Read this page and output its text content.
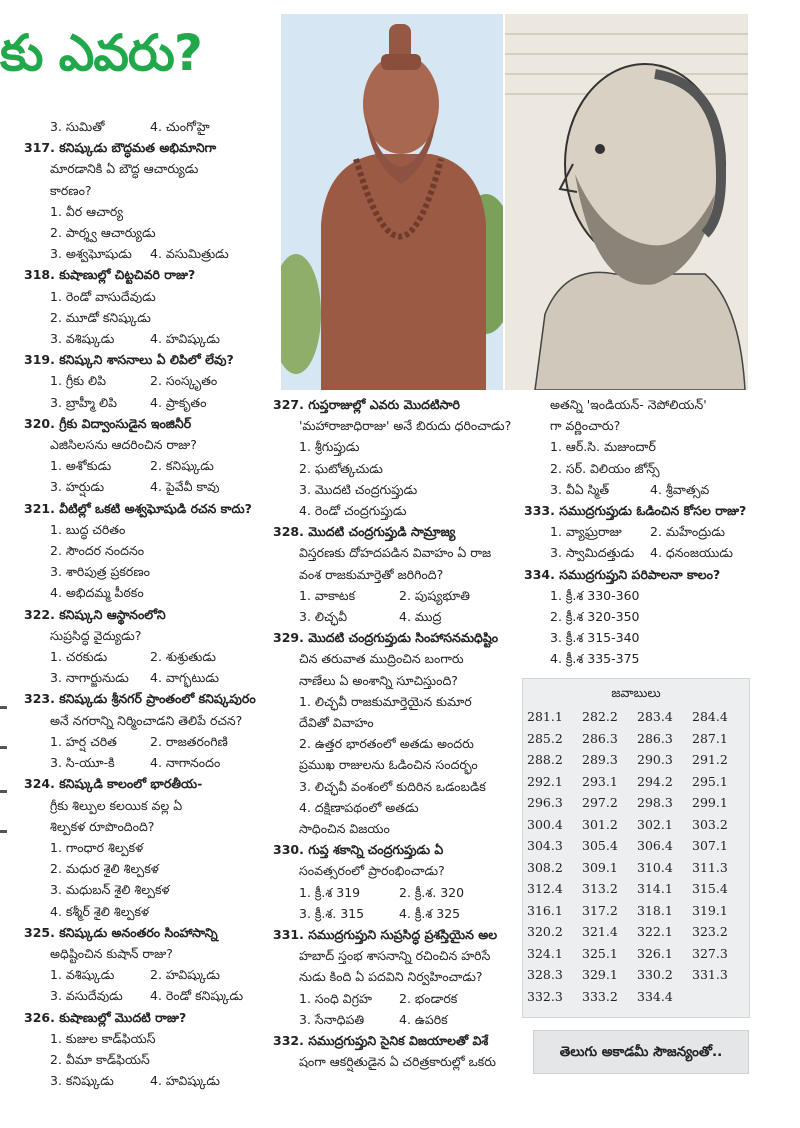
కు ఎవరు?
3. సుమితో	4. చుంగోహై
317. కనిష్కుడు బౌద్ధమత అభిమానిగా
మారడానికి ఏ బౌద్ధ ఆచార్యుడు
కారణం?
1. వీర ఆచార్య
2. పార్శ్వ ఆచార్యుడు
3. అశ్వఘోషుడు	4. వసుమిత్రుడు
318. కుషాణుల్లో చిట్టచివరి రాజు?
1. రెండో వాసుదేవుడు
2. మూడో కనిష్కుడు
3. వశిష్కుడు	4. హవిష్కుడు
319. కనిష్కుని శాసనాలు ఏ లిపిలో లేవు?
1. గ్రీకు లిపి	2. సంస్కృతం
3. బ్రాహ్మీ లిపి	4. ప్రాకృతం
320. గ్రీకు విద్వాంసుడైన ఇంజినీర్
ఎజిసిలసను ఆదరించిన రాజు?
1. అశోకుడు	2. కనిష్కుడు
3. హర్షుడు	4. పైవేవీ కావు
321. వీటిల్లో ఒకటి అశ్వఘోషుడి రచన కాదు?
1. బుద్ధ చరితం
2. సౌందర నందనం
3. శారిపుత్ర ప్రకరణం
4. అభిదమ్మ పీఠకం
322. కనిష్కుని ఆస్థానంలోని
సుప్రసిద్ధ వైద్యుడు?
1. చరకుడు	2. శుశ్రుతుడు
3. నాగార్జునుడు	4. వాగ్భటుడు
323. కనిష్కుడు శ్రీనగర్ ప్రాంతంలో కనిష్కపురం
అనే నగరాన్ని నిర్మించాడని తెలిపే రచన?
1. హర్ష చరిత	2. రాజతరంగిణి
3. సి-యూ-కి	4. నాగానందం
324. కనిష్కుడి కాలంలో భారతీయ-
గ్రీకు శిల్పుల కలయిక వల్ల ఏ
శిల్పకళ రూపొందింది?
1. గాంధార శిల్పకళ
2. మధుర శైలి శిల్పకళ
3. మధుబన్ శైలి శిల్పకళ
4. కశ్మీర్ శైలి శిల్పకళ
325. కనిష్కుడు అనంతరం సింహాసాన్ని
అధిష్టించిన కుషాన్ రాజు?
1. వశిష్కుడు	2. హవిష్కుడు
3. వసుదేవుడు	4. రెండో కనిష్కుడు
326. కుషాణుల్లో మొదటి రాజు?
1. కుజుల కాడ్‌ఫియస్
2. వీమా కాడ్‌ఫియస్
3. కనిష్కుడు	4. హవిష్కుడు
327. గుప్తరాజుల్లో ఎవరు మొదటిసారి
'మహారాజాధిరాజు' అనే బిరుదు ధరించాడు?
1. శ్రీగుప్తుడు
2. ఘటోత్కచుడు
3. మొదటి చంద్రగుప్తుడు
4. రెండో చంద్రగుప్తుడు
328. మొదటి చంద్రగుప్తుడి సామ్రాజ్య
విస్తరణకు దోహదపడిన వివాహం ఏ రాజ
వంశ రాజకుమార్తెతో జరిగింది?
1. వాకాటక	2. పుష్యభూతి
3. లిచ్ఛవీ	4. ముద్ర
329. మొదటి చంద్రగుప్తుడు సింహాసనమధిష్టిం
చిన తరువాత ముద్రించిన బంగారు
నాణేలు ఏ అంశాన్ని సూచిస్తుంది?
1. లిచ్ఛవీ రాజకుమార్తెయైన కుమార
దేవితో వివాహం
2. ఉత్తర భారతంలో అతడు అందరు
ప్రముఖ రాజులను ఓడించిన సందర్భం
3. లిచ్ఛవీ వంశంలో కుదిరిన ఒడంబడిక
4. దక్షిణాపథంలో అతడు
సాధించిన విజయం
330. గుప్త శకాన్ని చంద్రగుప్తుడు ఏ
సంవత్సరంలో ప్రారంభించాడు?
1. క్రీ.శ 319	2. క్రీ.శ. 320
3. క్రీ.శ. 315	4. క్రీ.శ 325
331. సముద్రగుప్తుని సుప్రసిద్ధ ప్రశస్తియైన అల
హబాద్ స్తంభ శాసనాన్ని రచించిన హరిసే
నుడు కింది ఏ పదవిని నిర్వహించాడు?
1. సంధి విగ్రహ	2. భండారక
3. సేనాధిపతి	4. ఉపరిక
332. సముద్రగుప్తుని సైనిక విజయాలతో విశే
షంగా ఆకర్షితుడైన ఏ చరిత్రకారుల్లో ఒకరు
అతన్ని 'ఇండియన్- నెపోలియన్'
గా వర్ణించారు?
1. ఆర్.సి. మజుందార్
2. సర్. విలియం జోన్స్
3. వీఏ స్మిత్	4. శ్రీవాత్సవ
333. సముద్రగుప్తుడు ఓడించిన కోసల రాజు?
1. వ్యాఘ్రరాజు	2. మహేంద్రుడు
3. స్వామిదత్తుడు	4. ధనంజయుడు
334. సముద్రగుప్తుని పరిపాలనా కాలం?
1. క్రీ.శ 330-360
2. క్రీ.శ 320-350
3. క్రీ.శ 315-340
4. క్రీ.శ 335-375
జవాబులు
281.1	282.2	283.4	284.4
285.2	286.3	286.3	287.1
288.2	289.3	290.3	291.2
292.1	293.1	294.2	295.1
296.3	297.2	298.3	299.1
300.4	301.2	302.1	303.2
304.3	305.4	306.4	307.1
308.2	309.1	310.4	311.3
312.4	313.2	314.1	315.4
316.1	317.2	318.1	319.1
320.2	321.4	322.1	323.2
324.1	325.1	326.1	327.3
328.3	329.1	330.2	331.3
332.3	333.2	334.4	
తెలుగు అకాడమీ సౌజన్యంతో..
